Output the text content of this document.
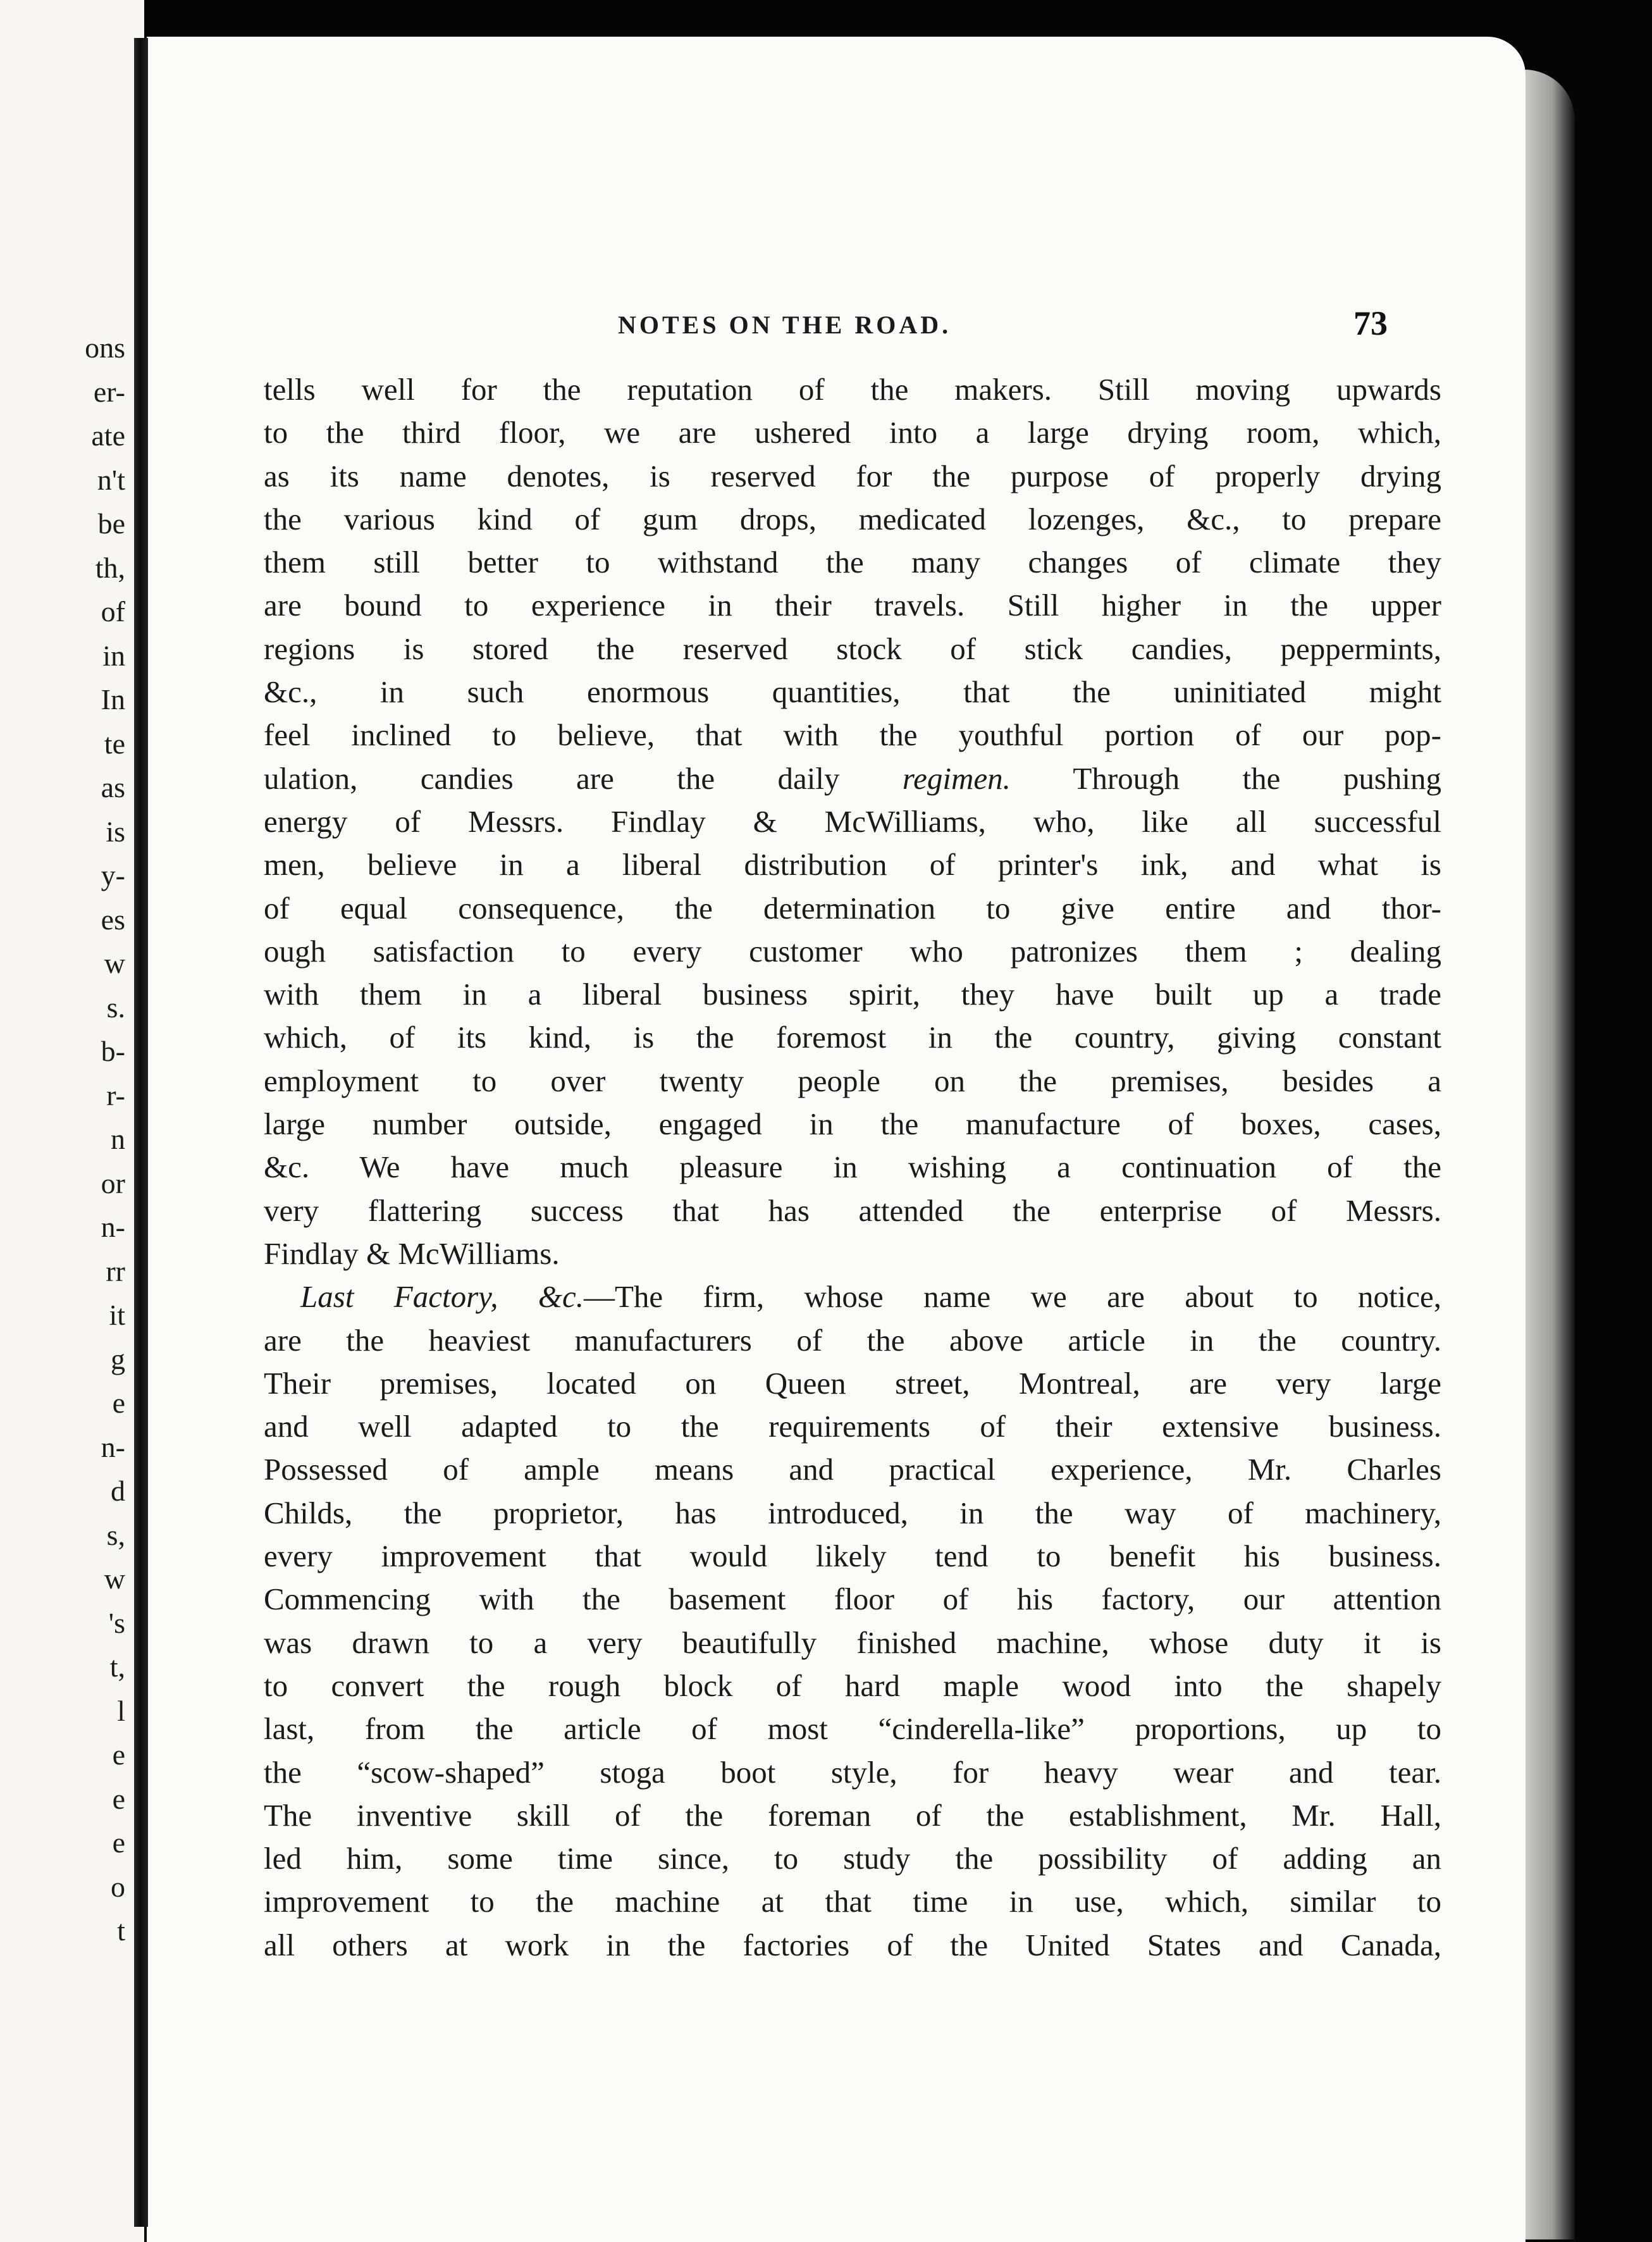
ons
er-
ate
n't
be
th,
of
in
In
te
as
is
y-
es
w
s.
b-
r-
n
or
n-
rr
it
g
e
n-
d
s,
w
's
t,
l
e
e
e
o
t
NOTES ON THE ROAD.	73

tells well for the reputation of the makers. Still moving upwards
to the third floor, we are ushered into a large drying room, which,
as its name denotes, is reserved for the purpose of properly drying
the various kind of gum drops, medicated lozenges, &c., to prepare
them still better to withstand the many changes of climate they
are bound to experience in their travels. Still higher in the upper
regions is stored the reserved stock of stick candies, peppermints,
&c., in such enormous quantities, that the uninitiated might
feel inclined to believe, that with the youthful portion of our pop-
ulation, candies are the daily regimen. Through the pushing
energy of Messrs. Findlay & McWilliams, who, like all successful
men, believe in a liberal distribution of printer's ink, and what is
of equal consequence, the determination to give entire and thor-
ough satisfaction to every customer who patronizes them ; dealing
with them in a liberal business spirit, they have built up a trade
which, of its kind, is the foremost in the country, giving constant
employment to over twenty people on the premises, besides a
large number outside, engaged in the manufacture of boxes, cases,
&c. We have much pleasure in wishing a continuation of the
very flattering success that has attended the enterprise of Messrs.
Findlay & McWilliams.

Last Factory, &c.—The firm, whose name we are about to notice,
are the heaviest manufacturers of the above article in the country.
Their premises, located on Queen street, Montreal, are very large
and well adapted to the requirements of their extensive business.
Possessed of ample means and practical experience, Mr. Charles
Childs, the proprietor, has introduced, in the way of machinery,
every improvement that would likely tend to benefit his business.
Commencing with the basement floor of his factory, our attention
was drawn to a very beautifully finished machine, whose duty it is
to convert the rough block of hard maple wood into the shapely
last, from the article of most “cinderella-like” proportions, up to
the “scow-shaped” stoga boot style, for heavy wear and tear.
The inventive skill of the foreman of the establishment, Mr. Hall,
led him, some time since, to study the possibility of adding an
improvement to the machine at that time in use, which, similar to
all others at work in the factories of the United States and Canada,
